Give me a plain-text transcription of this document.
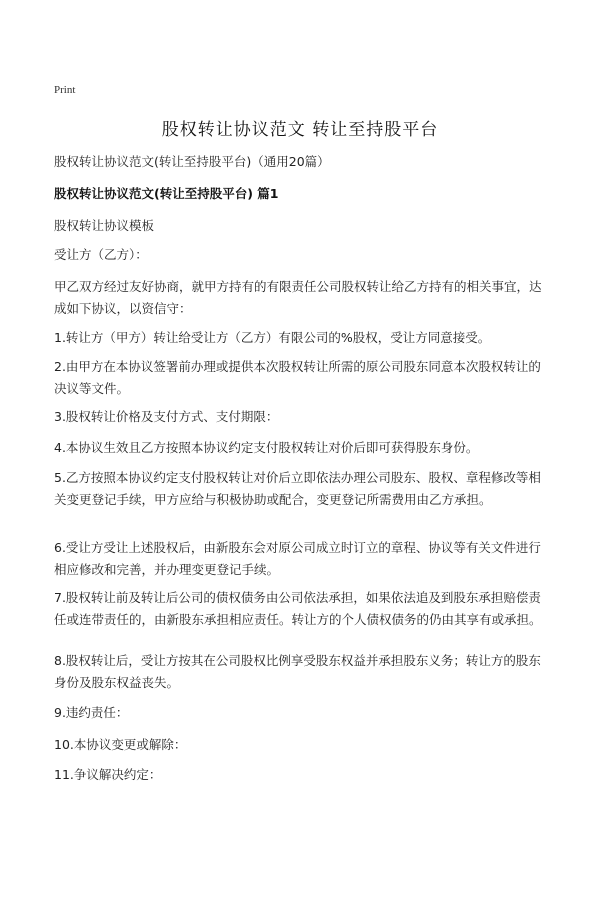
Print
股权转让协议范文 转让至持股平台
股权转让协议范文(转让至持股平台)（通用20篇）
股权转让协议范文(转让至持股平台) 篇1
股权转让协议模板
受让方（乙方）：
甲乙双方经过友好协商，就甲方持有的有限责任公司股权转让给乙方持有的相关事宜，达成如下协议，以资信守：
1.转让方（甲方）转让给受让方（乙方）有限公司的%股权，受让方同意接受。
2.由甲方在本协议签署前办理或提供本次股权转让所需的原公司股东同意本次股权转让的决议等文件。
3.股权转让价格及支付方式、支付期限：
4.本协议生效且乙方按照本协议约定支付股权转让对价后即可获得股东身份。
5.乙方按照本协议约定支付股权转让对价后立即依法办理公司股东、股权、章程修改等相关变更登记手续，甲方应给与积极协助或配合，变更登记所需费用由乙方承担。
6.受让方受让上述股权后，由新股东会对原公司成立时订立的章程、协议等有关文件进行相应修改和完善，并办理变更登记手续。
7.股权转让前及转让后公司的债权债务由公司依法承担，如果依法追及到股东承担赔偿责任或连带责任的，由新股东承担相应责任。转让方的个人债权债务的仍由其享有或承担。
8.股权转让后，受让方按其在公司股权比例享受股东权益并承担股东义务；转让方的股东身份及股东权益丧失。
9.违约责任：
10.本协议变更或解除：
11.争议解决约定：
